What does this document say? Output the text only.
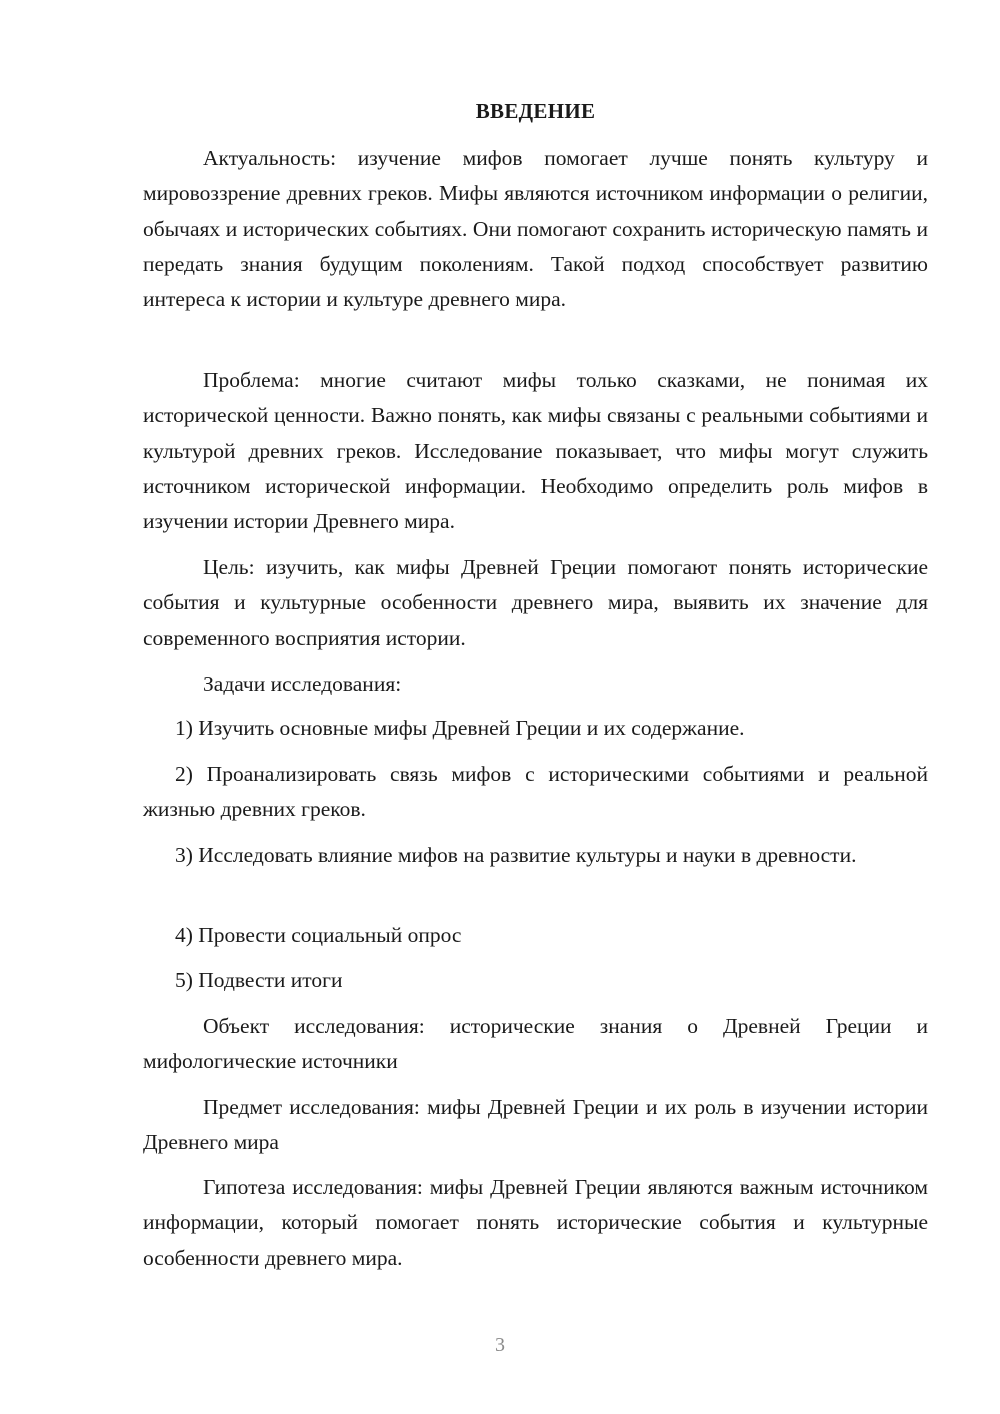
ВВЕДЕНИЕ

Актуальность: изучение мифов помогает лучше понять культуру и мировоззрение древних греков. Мифы являются источником информации о религии, обычаях и исторических событиях. Они помогают сохранить историческую память и передать знания будущим поколениям. Такой подход способствует развитию интереса к истории и культуре древнего мира.

Проблема: многие считают мифы только сказками, не понимая их исторической ценности. Важно понять, как мифы связаны с реальными событиями и культурой древних греков. Исследование показывает, что мифы могут служить источником исторической информации. Необходимо определить роль мифов в изучении истории Древнего мира.

Цель: изучить, как мифы Древней Греции помогают понять исторические события и культурные особенности древнего мира, выявить их значение для современного восприятия истории.

Задачи исследования:

1) Изучить основные мифы Древней Греции и их содержание.

2) Проанализировать связь мифов с историческими событиями и реальной жизнью древних греков.

3) Исследовать влияние мифов на развитие культуры и науки в древности.

4) Провести социальный опрос

5) Подвести итоги

Объект исследования: исторические знания о Древней Греции и мифологические источники

Предмет исследования: мифы Древней Греции и их роль в изучении истории Древнего мира

Гипотеза исследования: мифы Древней Греции являются важным источником информации, который помогает понять исторические события и культурные особенности древнего мира.

3
